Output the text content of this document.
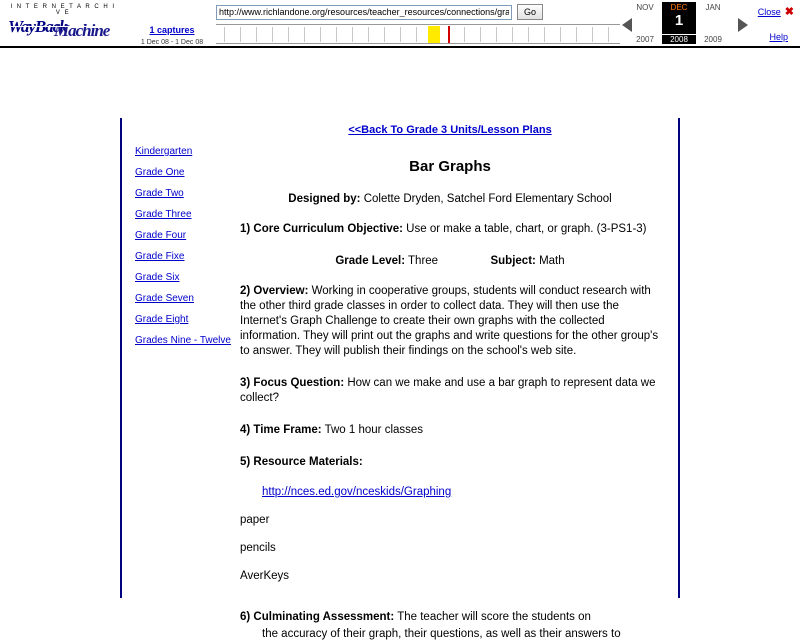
I N T E R N E T A R C H I V E
WayBack
Machine	1 captures
1 Dec 08 - 1 Dec 08
http://www.richlandone.org/resources/teacher_resources/connections/grade3/bar
Go	NOV	JAN
DEC
1
2007	2008	2009
Close ✖
Help
Kindergarten
Grade One
Grade Two
Grade Three
Grade Four
Grade Fixe
Grade Six
Grade Seven
Grade Eight
Grades Nine - Twelve
<<Back To Grade 3 Units/Lesson Plans
Bar Graphs
Designed by: Colette Dryden, Satchel Ford Elementary School
1) Core Curriculum Objective: Use or make a table, chart, or graph. (3-PS1-3)
Grade Level: Three	Subject: Math
2) Overview: Working in cooperative groups, students will conduct research with the other third grade classes in order to collect data. They will then use the Internet's Graph Challenge to create their own graphs with the collected information. They will print out the graphs and write questions for the other group's to answer. They will publish their findings on the school's web site.
3) Focus Question: How can we make and use a bar graph to represent data we collect?
4) Time Frame: Two 1 hour classes
5) Resource Materials:
http://nces.ed.gov/nceskids/Graphing
paper
pencils
AverKeys
6) Culminating Assessment: The teacher will score the students on
the accuracy of their graph, their questions, as well as their answers to
